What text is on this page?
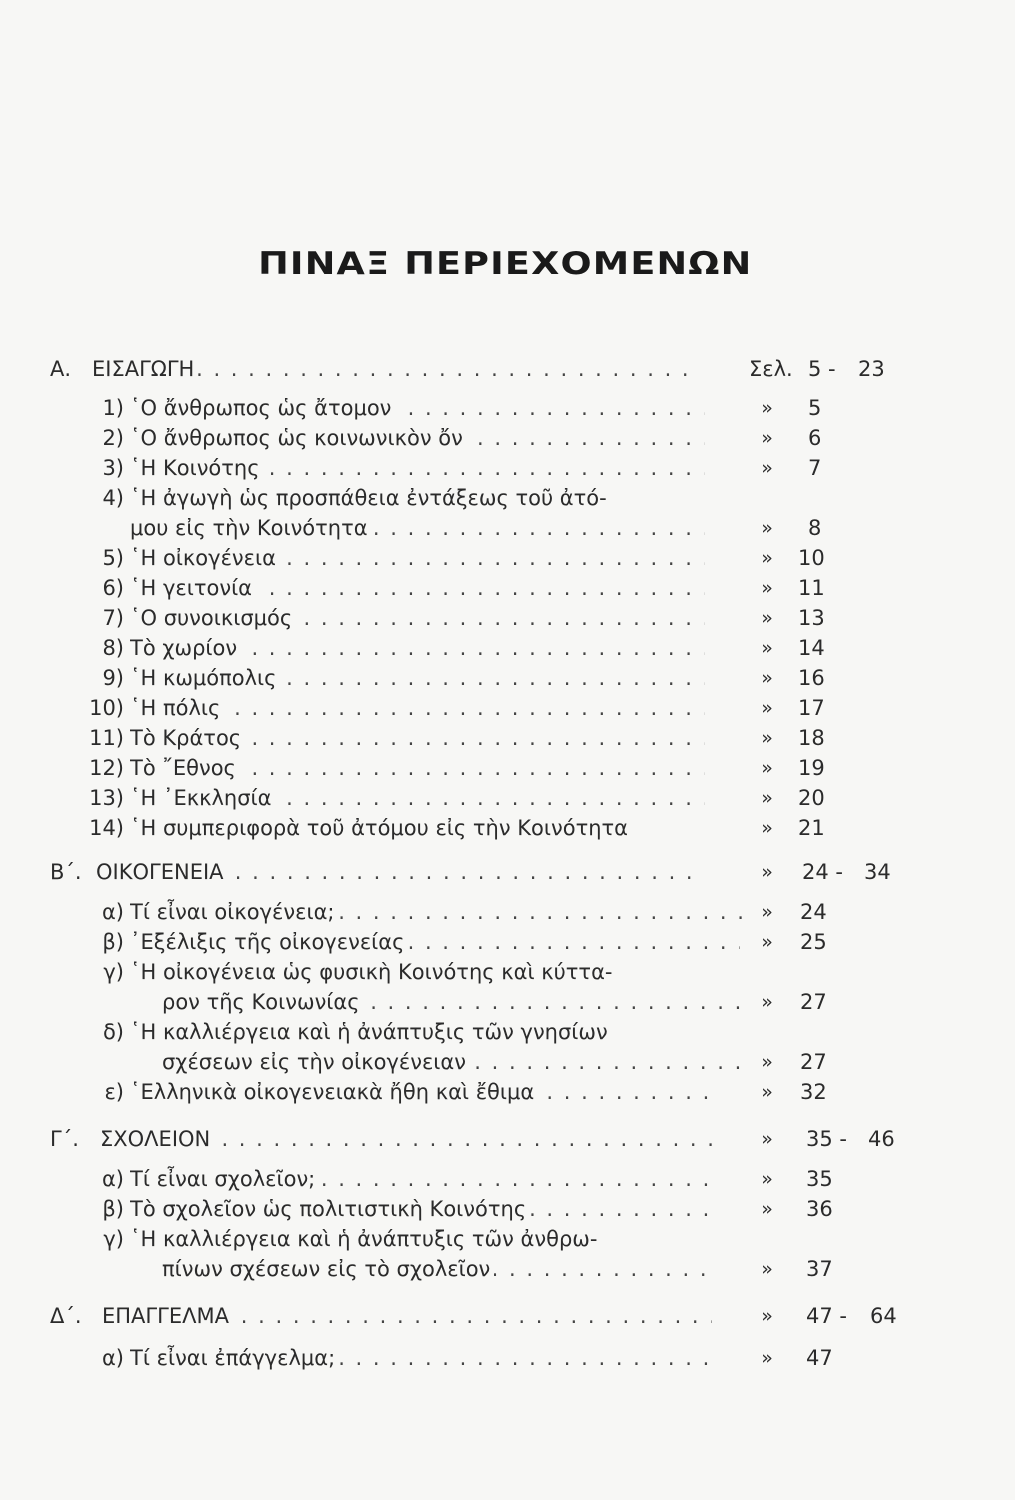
ΠΙΝΑΞ ΠΕΡΙΕΧΟΜΕΝΩΝ
Α. ΕΙΣΑΓΩΓΗ . . .	Σελ. 5 - 23
1) ῾Ο ἄνθρωπος ὡς ἄτομον . . .	»	5
2) ῾Ο ἄνθρωπος ὡς κοινωνικὸν ὄν . . .	»	6
3) ῾Η Κοινότης . . .	»	7
4) ῾Η ἀγωγὴ ὡς προσπάθεια ἐντάξεως τοῦ ἀτό-
μου εἰς τὴν Κοινότητα . . .	»	8
5) ῾Η οἰκογένεια . . .	»	10
6) ῾Η γειτονία . . .	»	11
7) ῾Ο συνοικισμός . . .	»	13
8) Τὸ χωρίον . . .	»	14
9) ῾Η κωμόπολις . . .	»	16
10) ῾Η πόλις . . .	»	17
11) Τὸ Κράτος . . .	»	18
12) Τὸ ῎Εθνος . . .	»	19
13) ῾Η ᾿Εκκλησία . . .	»	20
14) ῾Η συμπεριφορὰ τοῦ ἀτόμου εἰς τὴν Κοινότητα	»	21
Β΄. ΟΙΚΟΓΕΝΕΙΑ . . .	»	24 - 34
α) Τί εἶναι οἰκογένεια; . . .	»	24
β) ᾿Εξέλιξις τῆς οἰκογενείας . . .	»	25
γ) ῾Η οἰκογένεια ὡς φυσικὴ Κοινότης καὶ κύττα-
ρον τῆς Κοινωνίας . . .	»	27
δ) ῾Η καλλιέργεια καὶ ἡ ἀνάπτυξις τῶν γνησίων
σχέσεων εἰς τὴν οἰκογένειαν . . .	»	27
ε) ῾Ελληνικὰ οἰκογενειακὰ ἤθη καὶ ἔθιμα . . .	»	32
Γ΄. ΣΧΟΛΕΙΟΝ . . .	»	35 - 46
α) Τί εἶναι σχολεῖον; . . .	»	35
β) Τὸ σχολεῖον ὡς πολιτιστικὴ Κοινότης . . .	»	36
γ) ῾Η καλλιέργεια καὶ ἡ ἀνάπτυξις τῶν ἀνθρω-
πίνων σχέσεων εἰς τὸ σχολεῖον . . .	»	37
Δ΄. ΕΠΑΓΓΕΛΜΑ . . .	»	47 - 64
α) Τί εἶναι ἐπάγγελμα; . . .	»	47
